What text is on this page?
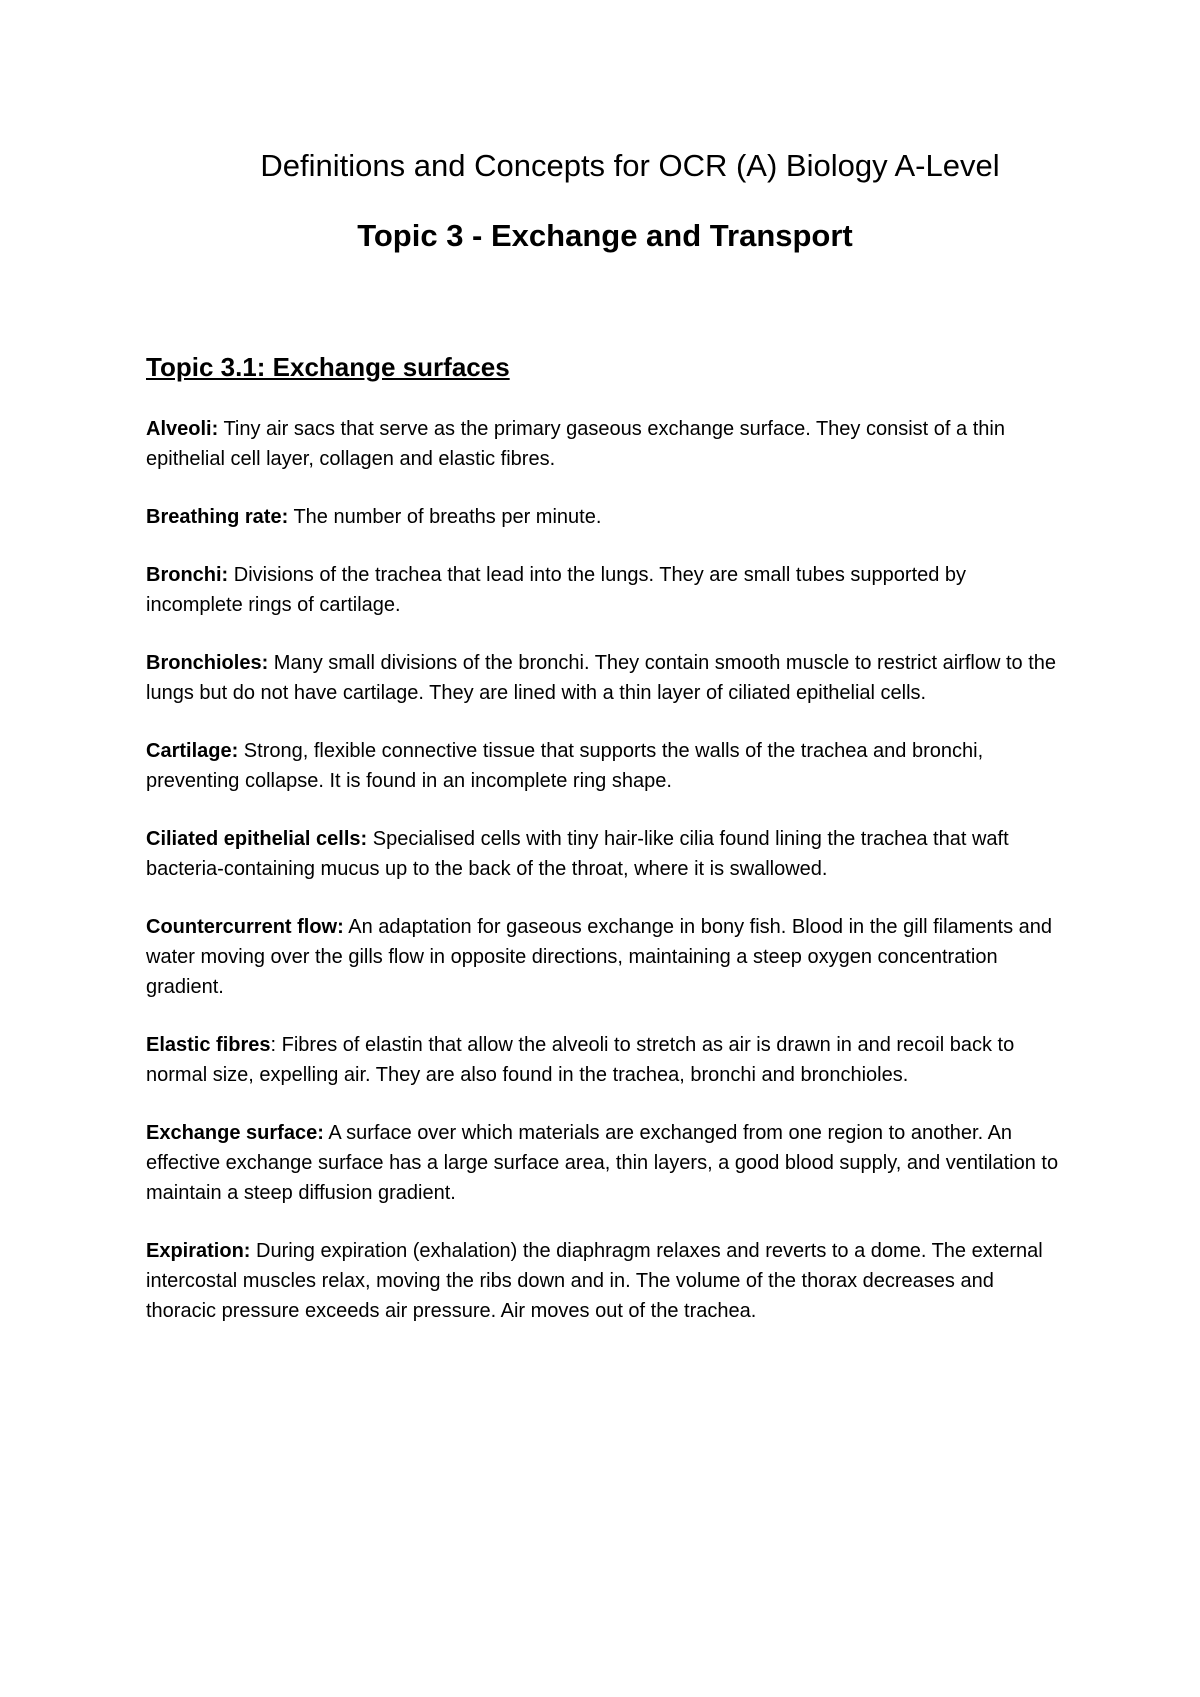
Definitions and Concepts for OCR (A) Biology A-Level
Topic 3 - Exchange and Transport
Topic 3.1: Exchange surfaces

Alveoli: Tiny air sacs that serve as the primary gaseous exchange surface. They consist of a thin epithelial cell layer, collagen and elastic fibres.

Breathing rate: The number of breaths per minute.

Bronchi: Divisions of the trachea that lead into the lungs. They are small tubes supported by incomplete rings of cartilage.

Bronchioles: Many small divisions of the bronchi. They contain smooth muscle to restrict airflow to the lungs but do not have cartilage. They are lined with a thin layer of ciliated epithelial cells.

Cartilage: Strong, flexible connective tissue that supports the walls of the trachea and bronchi, preventing collapse. It is found in an incomplete ring shape.

Ciliated epithelial cells: Specialised cells with tiny hair-like cilia found lining the trachea that waft bacteria-containing mucus up to the back of the throat, where it is swallowed.

Countercurrent flow: An adaptation for gaseous exchange in bony fish. Blood in the gill filaments and water moving over the gills flow in opposite directions, maintaining a steep oxygen concentration gradient.

Elastic fibres: Fibres of elastin that allow the alveoli to stretch as air is drawn in and recoil back to normal size, expelling air. They are also found in the trachea, bronchi and bronchioles.

Exchange surface: A surface over which materials are exchanged from one region to another. An effective exchange surface has a large surface area, thin layers, a good blood supply, and ventilation to maintain a steep diffusion gradient.

Expiration: During expiration (exhalation) the diaphragm relaxes and reverts to a dome. The external intercostal muscles relax, moving the ribs down and in. The volume of the thorax decreases and thoracic pressure exceeds air pressure. Air moves out of the trachea.
